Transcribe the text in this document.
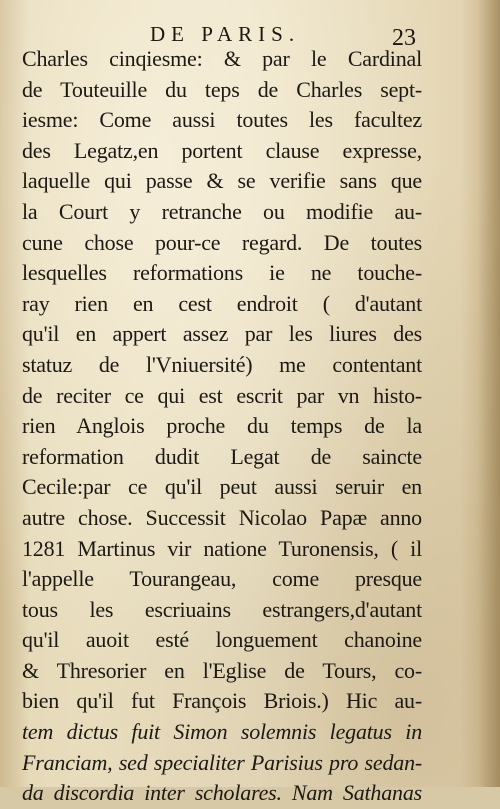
DE PARIS.	23
Charles cinqiesme: & par le Cardinal
de Touteuille du teps de Charles sept-
iesme: Come aussi toutes les facultez
des Legatz,en portent clause expresse,
laquelle qui passe & se verifie sans que
la Court y retranche ou modifie au-
cune chose pour-ce regard. De toutes
lesquelles reformations ie ne touche-
ray rien en cest endroit ( d'autant
qu'il en appert assez par les liures des
statuz de l'Vniuersité) me contentant
de reciter ce qui est escrit par vn histo-
rien Anglois proche du temps de la
reformation dudit Legat de saincte
Cecile:par ce qu'il peut aussi seruir en
autre chose. Successit Nicolao Papæ anno
1281 Martinus vir natione Turonensis, ( il
l'appelle Tourangeau, come presque
tous les escriuains estrangers,d'autant
qu'il auoit esté longuement chanoine
& Thresorier en l'Eglise de Tours, co-
bien qu'il fut François Briois.) Hic au-
tem dictus fuit Simon solemnis legatus in
Franciam, sed specialiter Parisius pro sedan-
da discordia inter scholares. Nam Sathanas
